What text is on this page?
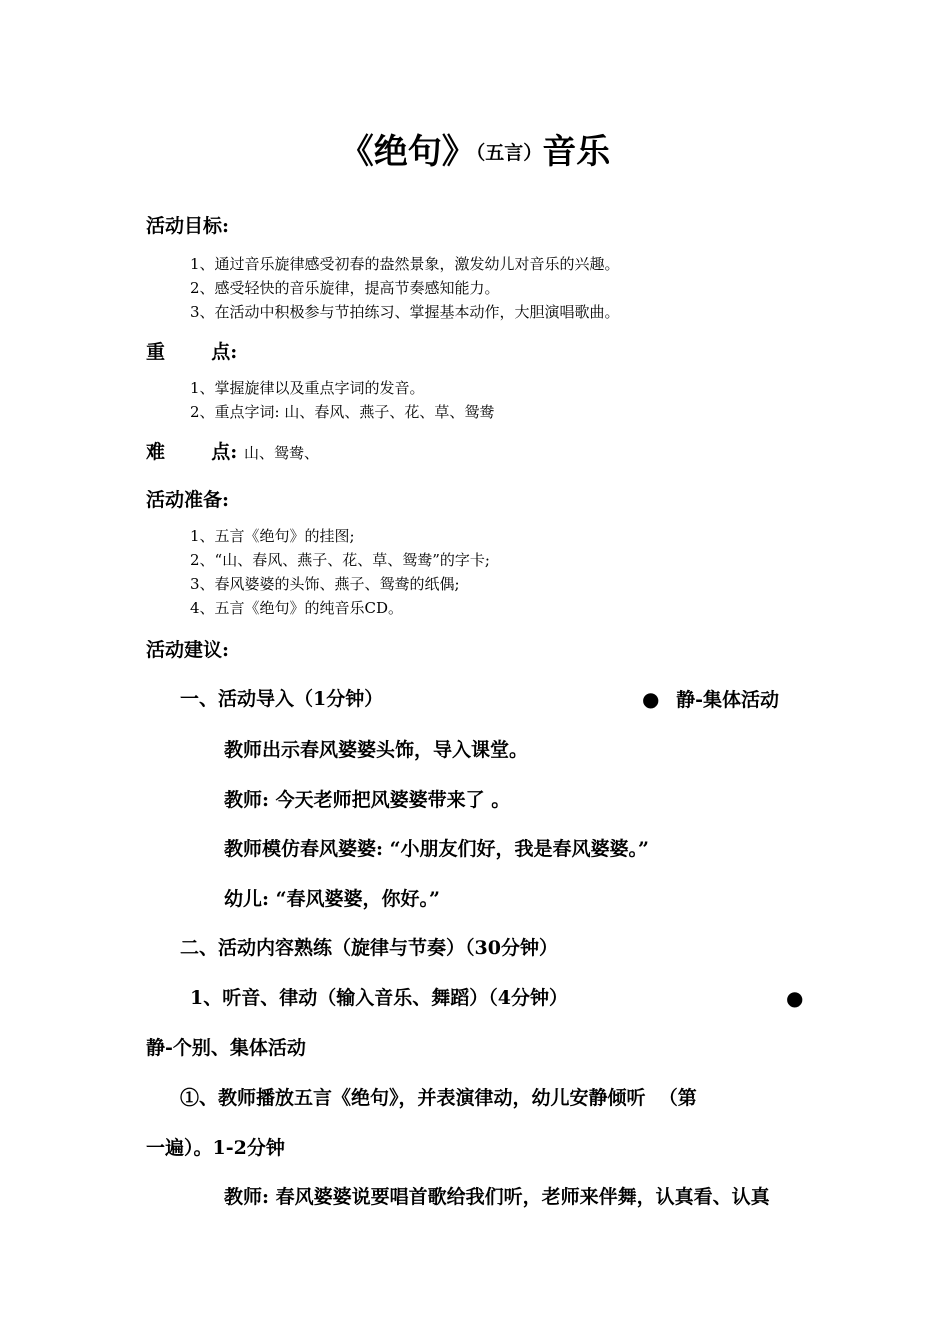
《绝句》$^{(五言)}$音乐
活动目标:
1、通过音乐旋律感受初春的盎然景象，激发幼儿对音乐的兴趣。
2、感受轻快的音乐旋律，提高节奏感知能力。
3、在活动中积极参与节拍练习、掌握基本动作，大胆演唱歌曲。
重       点:
1、掌握旋律以及重点字词的发音。
2、重点字词: 山、春风、燕子、花、草、鸳鸯
难       点: 山、鸳鸯、
活动准备:
1、五言《绝句》的挂图;
2、“山、春风、燕子、花、草、鸳鸯”的字卡;
3、春风婆婆的头饰、燕子、鸳鸯的纸偶;
4、五言《绝句》的纯音乐CD。
活动建议:
一、活动导入（1分钟）	● 静-集体活动
教师出示春风婆婆头饰，导入课堂。
教师: 今天老师把风婆婆带来了 。
教师模仿春风婆婆: “小朋友们好，我是春风婆婆。”
幼儿: “春风婆婆，你好。”
二、活动内容熟练（旋律与节奏）（30分钟）
1、听音、律动（输入音乐、舞蹈）（4分钟）	●
静-个别、集体活动
①、教师播放五言《绝句》，并表演律动，幼儿安静倾听  （第
一遍）。1-2分钟
教师: 春风婆婆说要唱首歌给我们听，老师来伴舞，认真看、认真
